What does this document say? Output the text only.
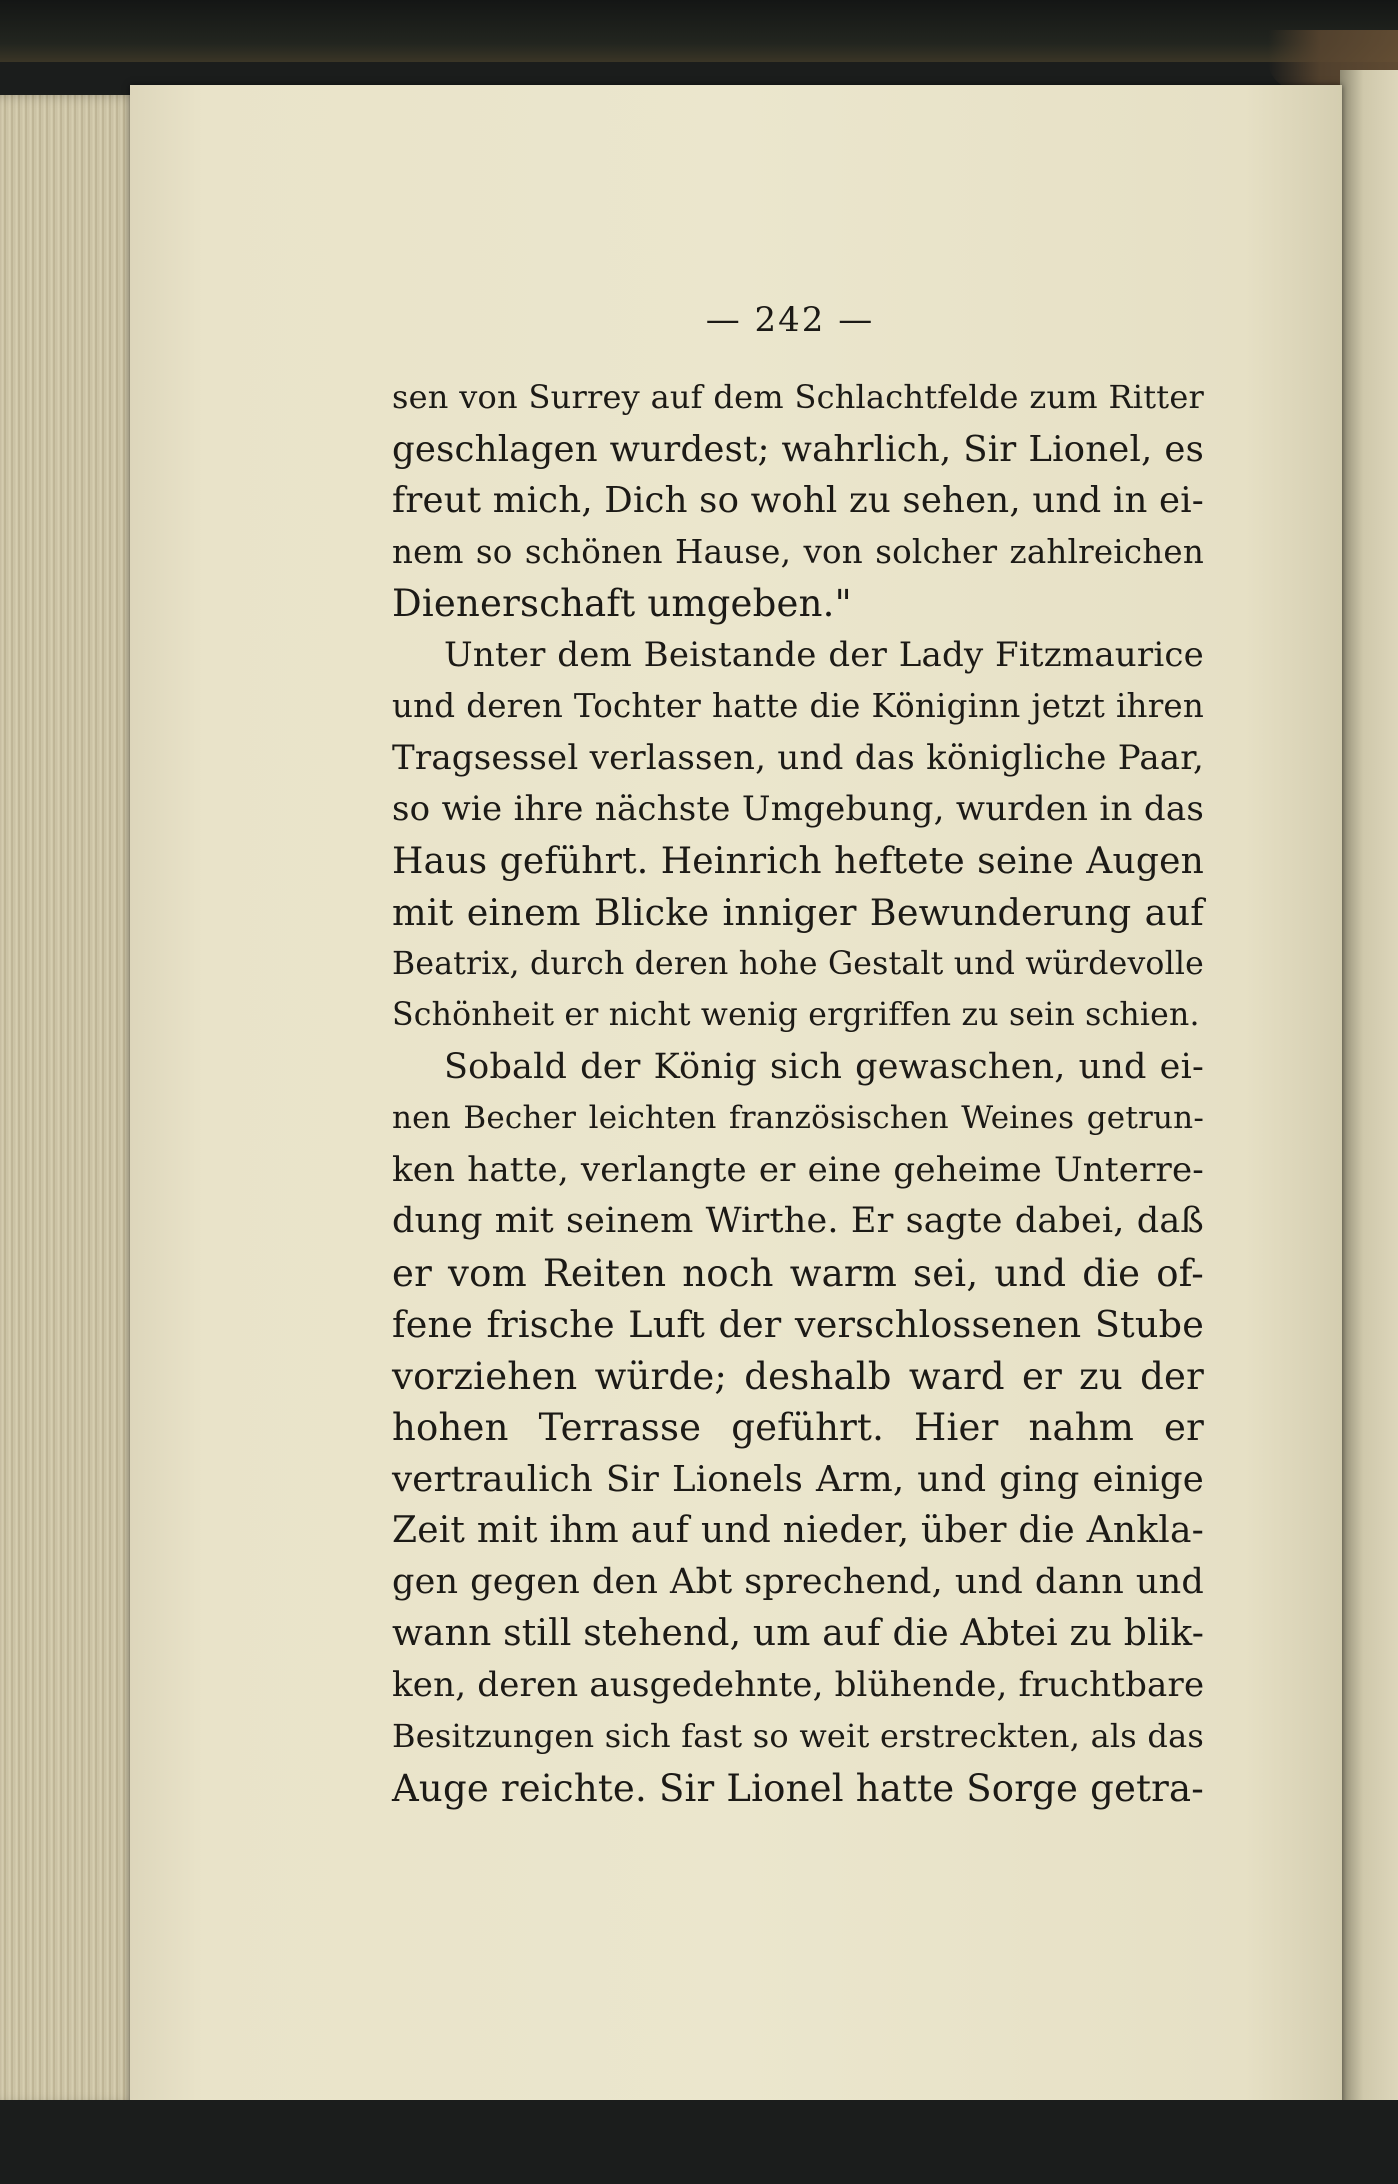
— 242 —
sen von Surrey auf dem Schlachtfelde zum Ritter
geschlagen wurdest; wahrlich, Sir Lionel, es
freut mich, Dich so wohl zu sehen, und in ei-
nem so schönen Hause, von solcher zahlreichen
Dienerschaft umgeben."
Unter dem Beistande der Lady Fitzmaurice
und deren Tochter hatte die Königinn jetzt ihren
Tragsessel verlassen, und das königliche Paar,
so wie ihre nächste Umgebung, wurden in das
Haus geführt. Heinrich heftete seine Augen
mit einem Blicke inniger Bewunderung auf
Beatrix, durch deren hohe Gestalt und würdevolle
Schönheit er nicht wenig ergriffen zu sein schien.
Sobald der König sich gewaschen, und ei-
nen Becher leichten französischen Weines getrun-
ken hatte, verlangte er eine geheime Unterre-
dung mit seinem Wirthe. Er sagte dabei, daß
er vom Reiten noch warm sei, und die of-
fene frische Luft der verschlossenen Stube
vorziehen würde; deshalb ward er zu der
hohen Terrasse geführt. Hier nahm er
vertraulich Sir Lionels Arm, und ging einige
Zeit mit ihm auf und nieder, über die Ankla-
gen gegen den Abt sprechend, und dann und
wann still stehend, um auf die Abtei zu blik-
ken, deren ausgedehnte, blühende, fruchtbare
Besitzungen sich fast so weit erstreckten, als das
Auge reichte. Sir Lionel hatte Sorge getra-
